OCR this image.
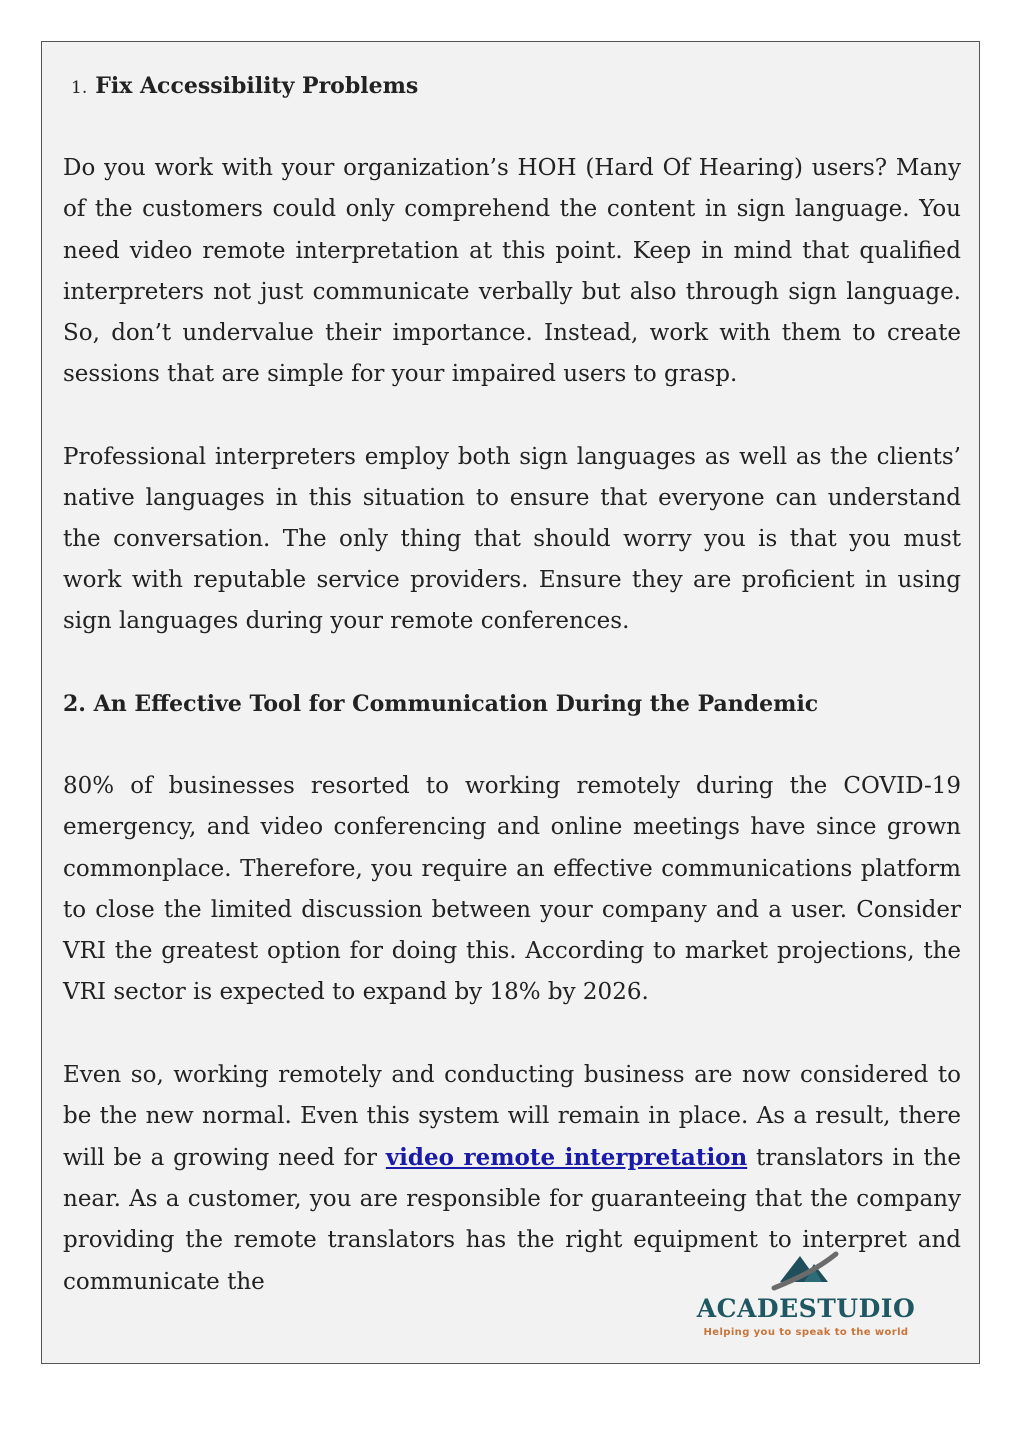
1. Fix Accessibility Problems

Do you work with your organization’s HOH (Hard Of Hearing) users? Many of the customers could only comprehend the content in sign language. You need video remote interpretation at this point. Keep in mind that qualified interpreters not just communicate verbally but also through sign language. So, don’t undervalue their importance. Instead, work with them to create sessions that are simple for your impaired users to grasp.

Professional interpreters employ both sign languages as well as the clients’ native languages in this situation to ensure that everyone can understand the conversation. The only thing that should worry you is that you must work with reputable service providers. Ensure they are proficient in using sign languages during your remote conferences.

2. An Effective Tool for Communication During the Pandemic

80% of businesses resorted to working remotely during the COVID-19 emergency, and video conferencing and online meetings have since grown commonplace. Therefore, you require an effective communications platform to close the limited discussion between your company and a user. Consider VRI the greatest option for doing this. According to market projections, the VRI sector is expected to expand by 18% by 2026.

Even so, working remotely and conducting business are now considered to be the new normal. Even this system will remain in place. As a result, there will be a growing need for video remote interpretation translators in the near. As a customer, you are responsible for guaranteeing that the company providing the remote translators has the right equipment to interpret and communicate the

ACADESTUDIO
Helping you to speak to the world
